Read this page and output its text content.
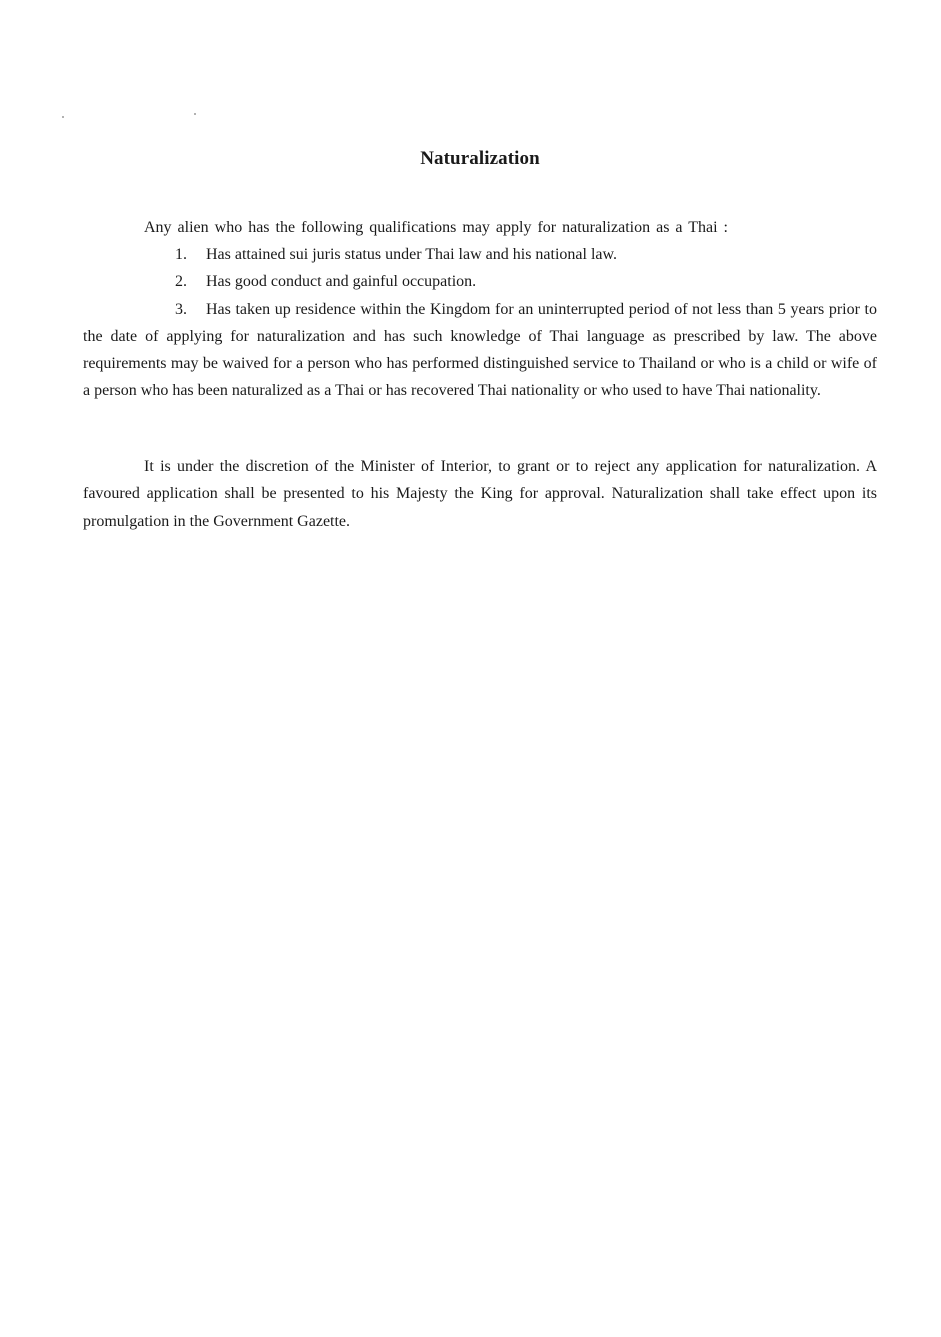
Naturalization

Any alien who has the following qualifications may apply for naturalization as a Thai :

1. Has attained sui juris status under Thai law and his national law.
2. Has good conduct and gainful occupation.
3. Has taken up residence within the Kingdom for an uninterrupted period of not less than 5 years prior to the date of applying for naturalization and has such knowledge of Thai language as prescribed by law. The above requirements may be waived for a person who has performed distinguished service to Thailand or who is a child or wife of a person who has been naturalized as a Thai or has recovered Thai nationality or who used to have Thai nationality.

It is under the discretion of the Minister of Interior, to grant or to reject any application for naturalization. A favoured application shall be presented to his Majesty the King for approval. Naturalization shall take effect upon its promulgation in the Government Gazette.
